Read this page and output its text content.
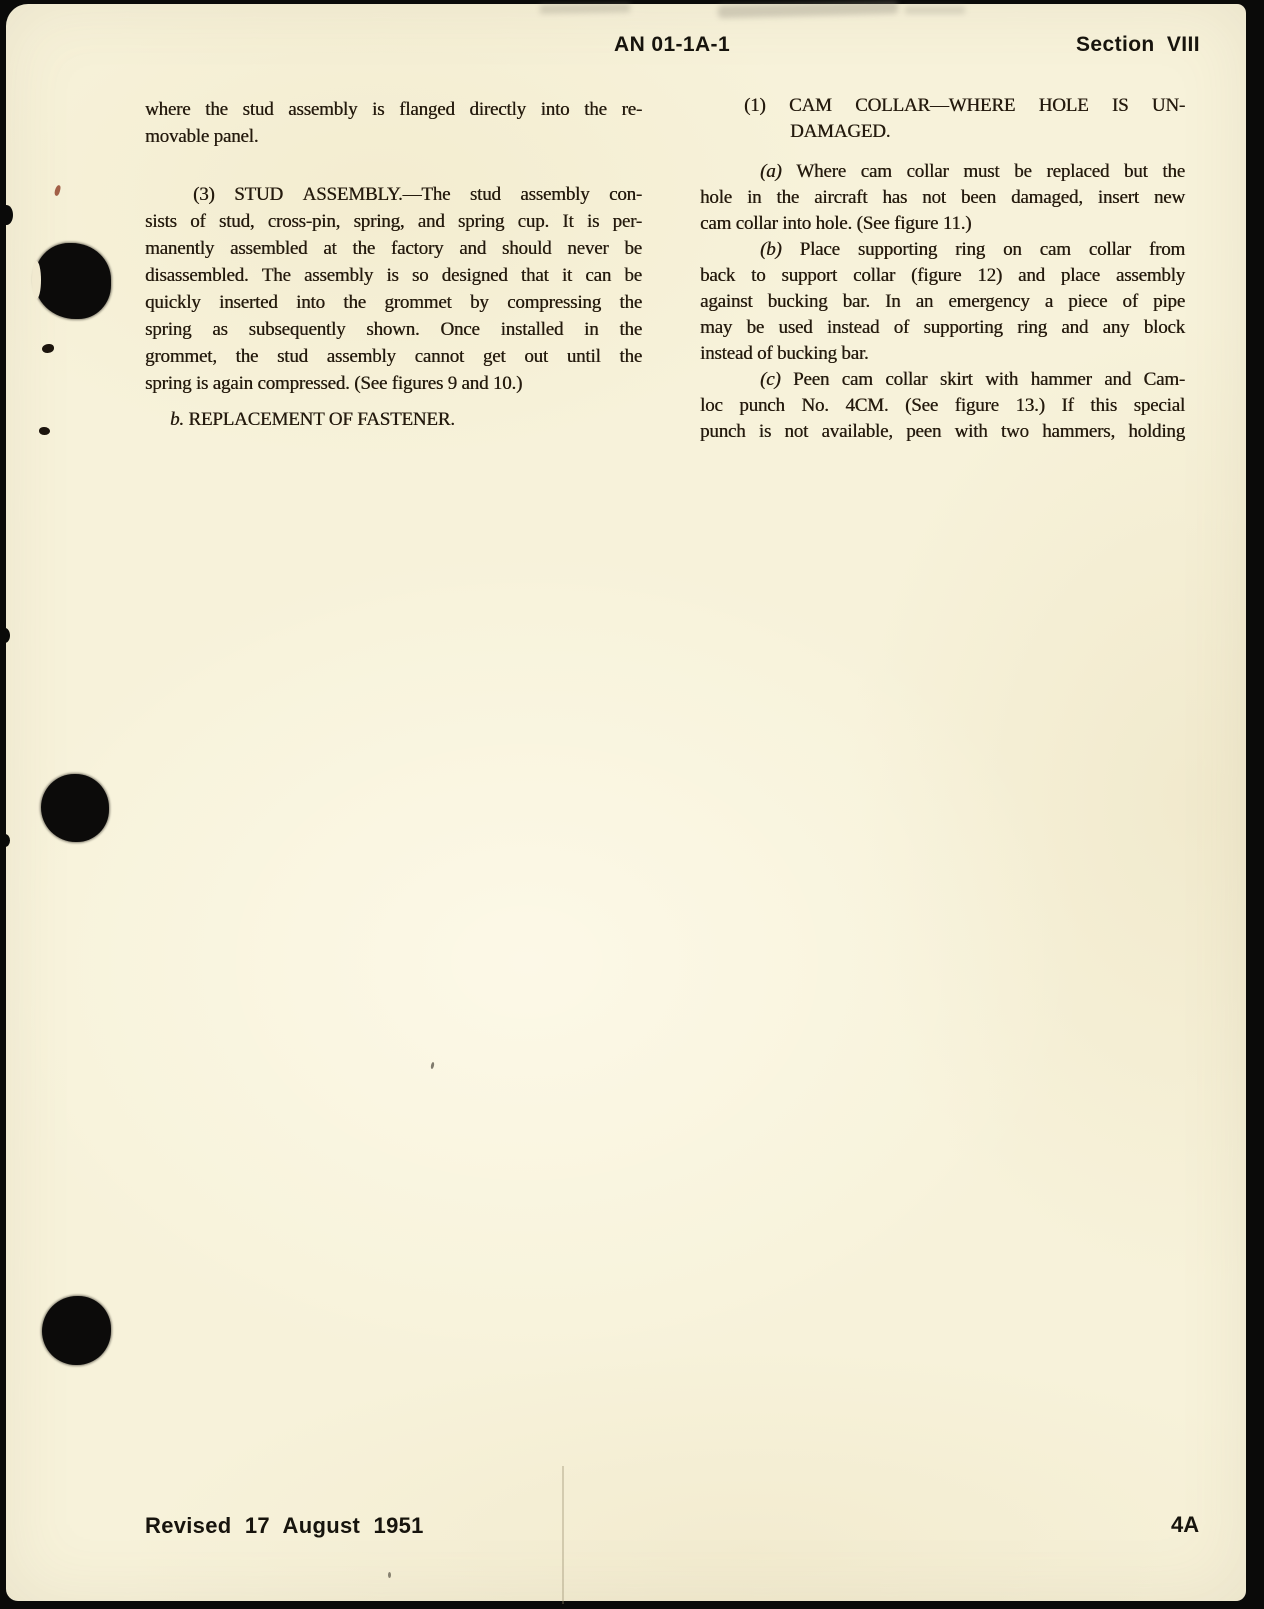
AN 01-1A-1	Section VIII
where the stud assembly is flanged directly into the re-
movable panel.
(3) STUD ASSEMBLY.—The stud assembly con-
sists of stud, cross-pin, spring, and spring cup. It is per-
manently assembled at the factory and should never be
disassembled. The assembly is so designed that it can be
quickly inserted into the grommet by compressing the
spring as subsequently shown. Once installed in the
grommet, the stud assembly cannot get out until the
spring is again compressed. (See figures 9 and 10.)
b. REPLACEMENT OF FASTENER.
(1) CAM COLLAR—WHERE HOLE IS UN-
DAMAGED.
(a) Where cam collar must be replaced but the
hole in the aircraft has not been damaged, insert new
cam collar into hole. (See figure 11.)
(b) Place supporting ring on cam collar from
back to support collar (figure 12) and place assembly
against bucking bar. In an emergency a piece of pipe
may be used instead of supporting ring and any block
instead of bucking bar.
(c) Peen cam collar skirt with hammer and Cam-
loc punch No. 4CM. (See figure 13.) If this special
punch is not available, peen with two hammers, holding
Revised 17 August 1951	4A
